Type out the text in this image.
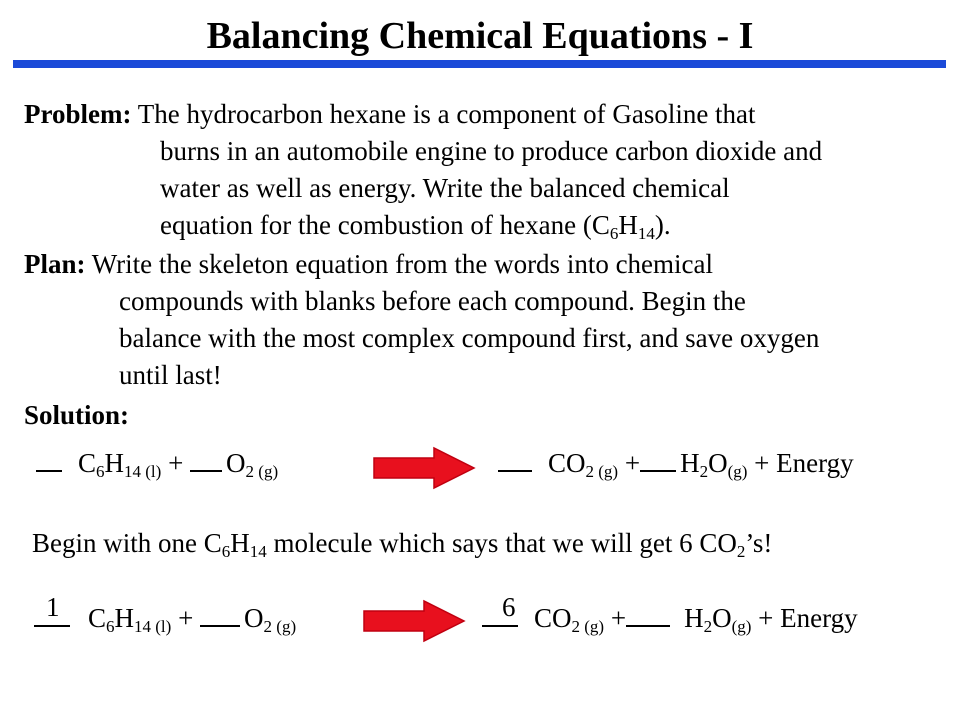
Balancing Chemical Equations - I
Problem: The hydrocarbon hexane is a component of Gasoline that
burns in an automobile engine to produce carbon dioxide and
water as well as energy. Write the balanced chemical
equation for the combustion of hexane $(C_6H_{14})$.
Plan: Write the skeleton equation from the words into chemical
compounds with blanks before each compound. Begin the
balance with the most complex compound first, and save oxygen
until last!
Solution:
$C_6H_{14 (l)} + O_{2 (g)}$	$CO_{2 (g)} + H_2O_{(g)}$ + Energy
Begin with one $C_6H_{14}$ molecule which says that we will get 6 $CO_2’s$!
1	$C_6H_{14 (l)} + O_{2 (g)}$
6 $CO_{2 (g)} + H_2O_{(g)}$ + Energy
